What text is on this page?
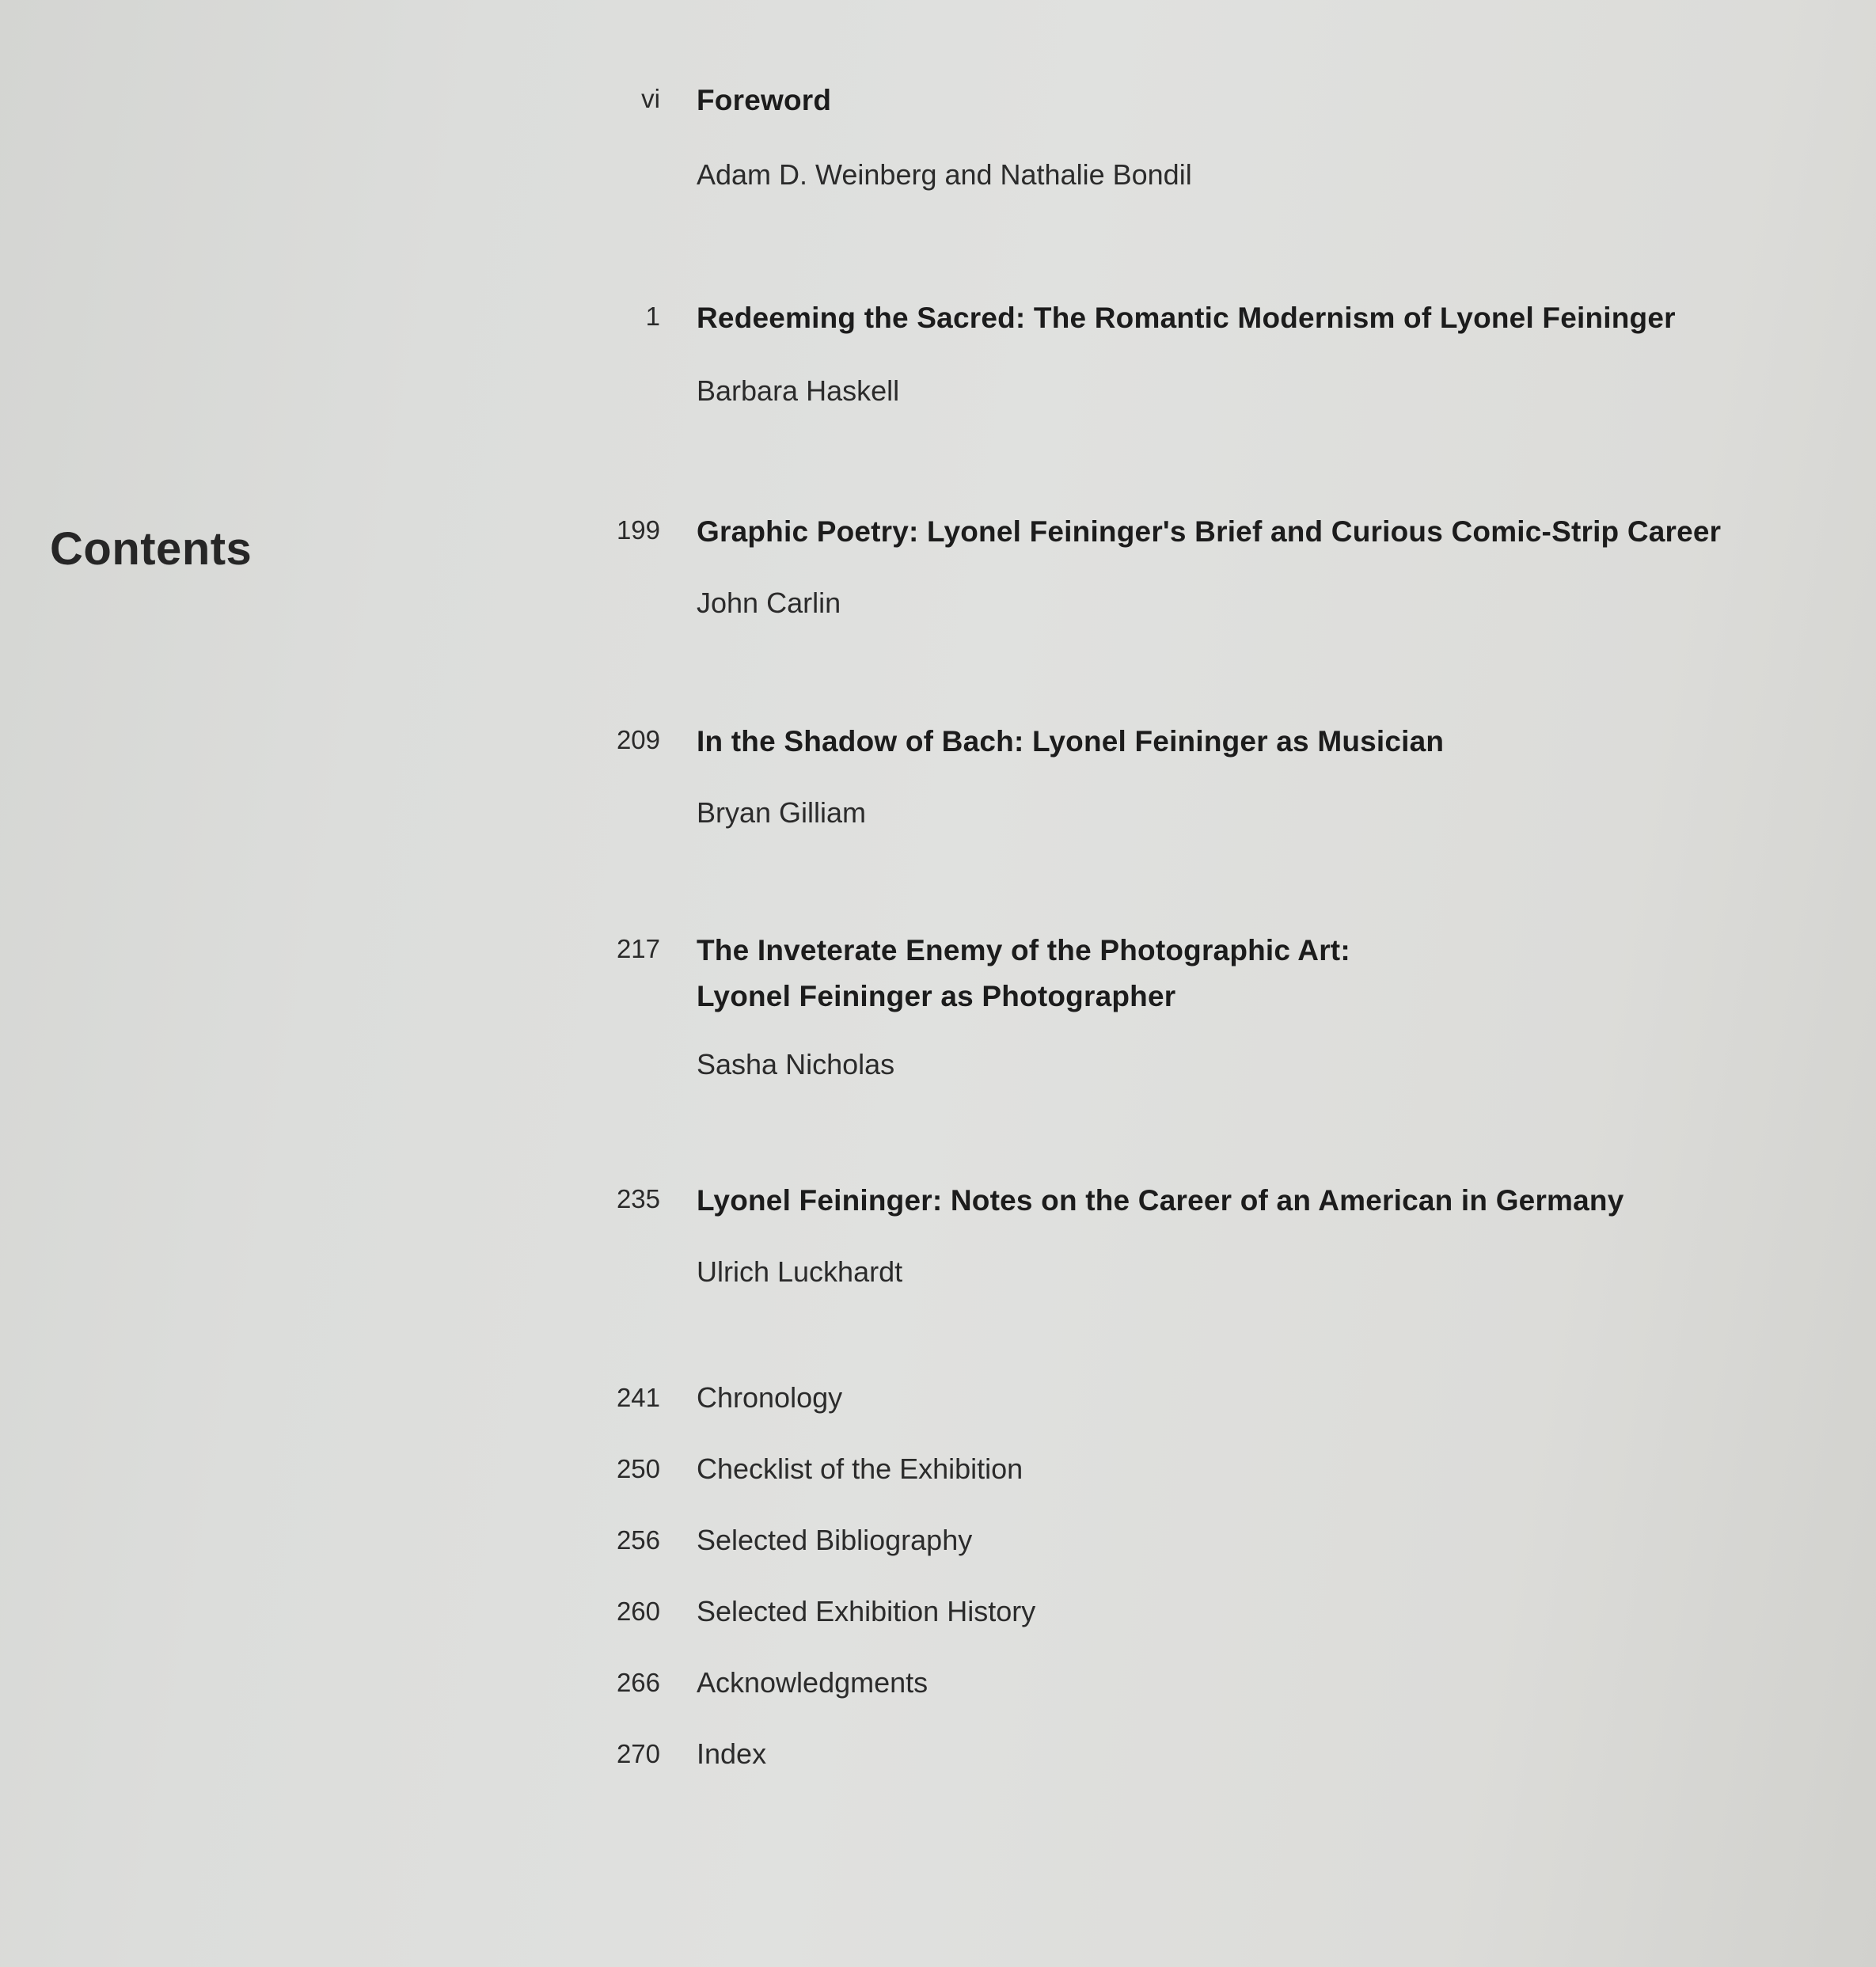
Contents
vi Foreword
Adam D. Weinberg and Nathalie Bondil
1 Redeeming the Sacred: The Romantic Modernism of Lyonel Feininger
Barbara Haskell
199 Graphic Poetry: Lyonel Feininger's Brief and Curious Comic-Strip Career
John Carlin
209 In the Shadow of Bach: Lyonel Feininger as Musician
Bryan Gilliam
217 The Inveterate Enemy of the Photographic Art:
Lyonel Feininger as Photographer
Sasha Nicholas
235 Lyonel Feininger: Notes on the Career of an American in Germany
Ulrich Luckhardt
241 Chronology
250 Checklist of the Exhibition
256 Selected Bibliography
260 Selected Exhibition History
266 Acknowledgments
270 Index
